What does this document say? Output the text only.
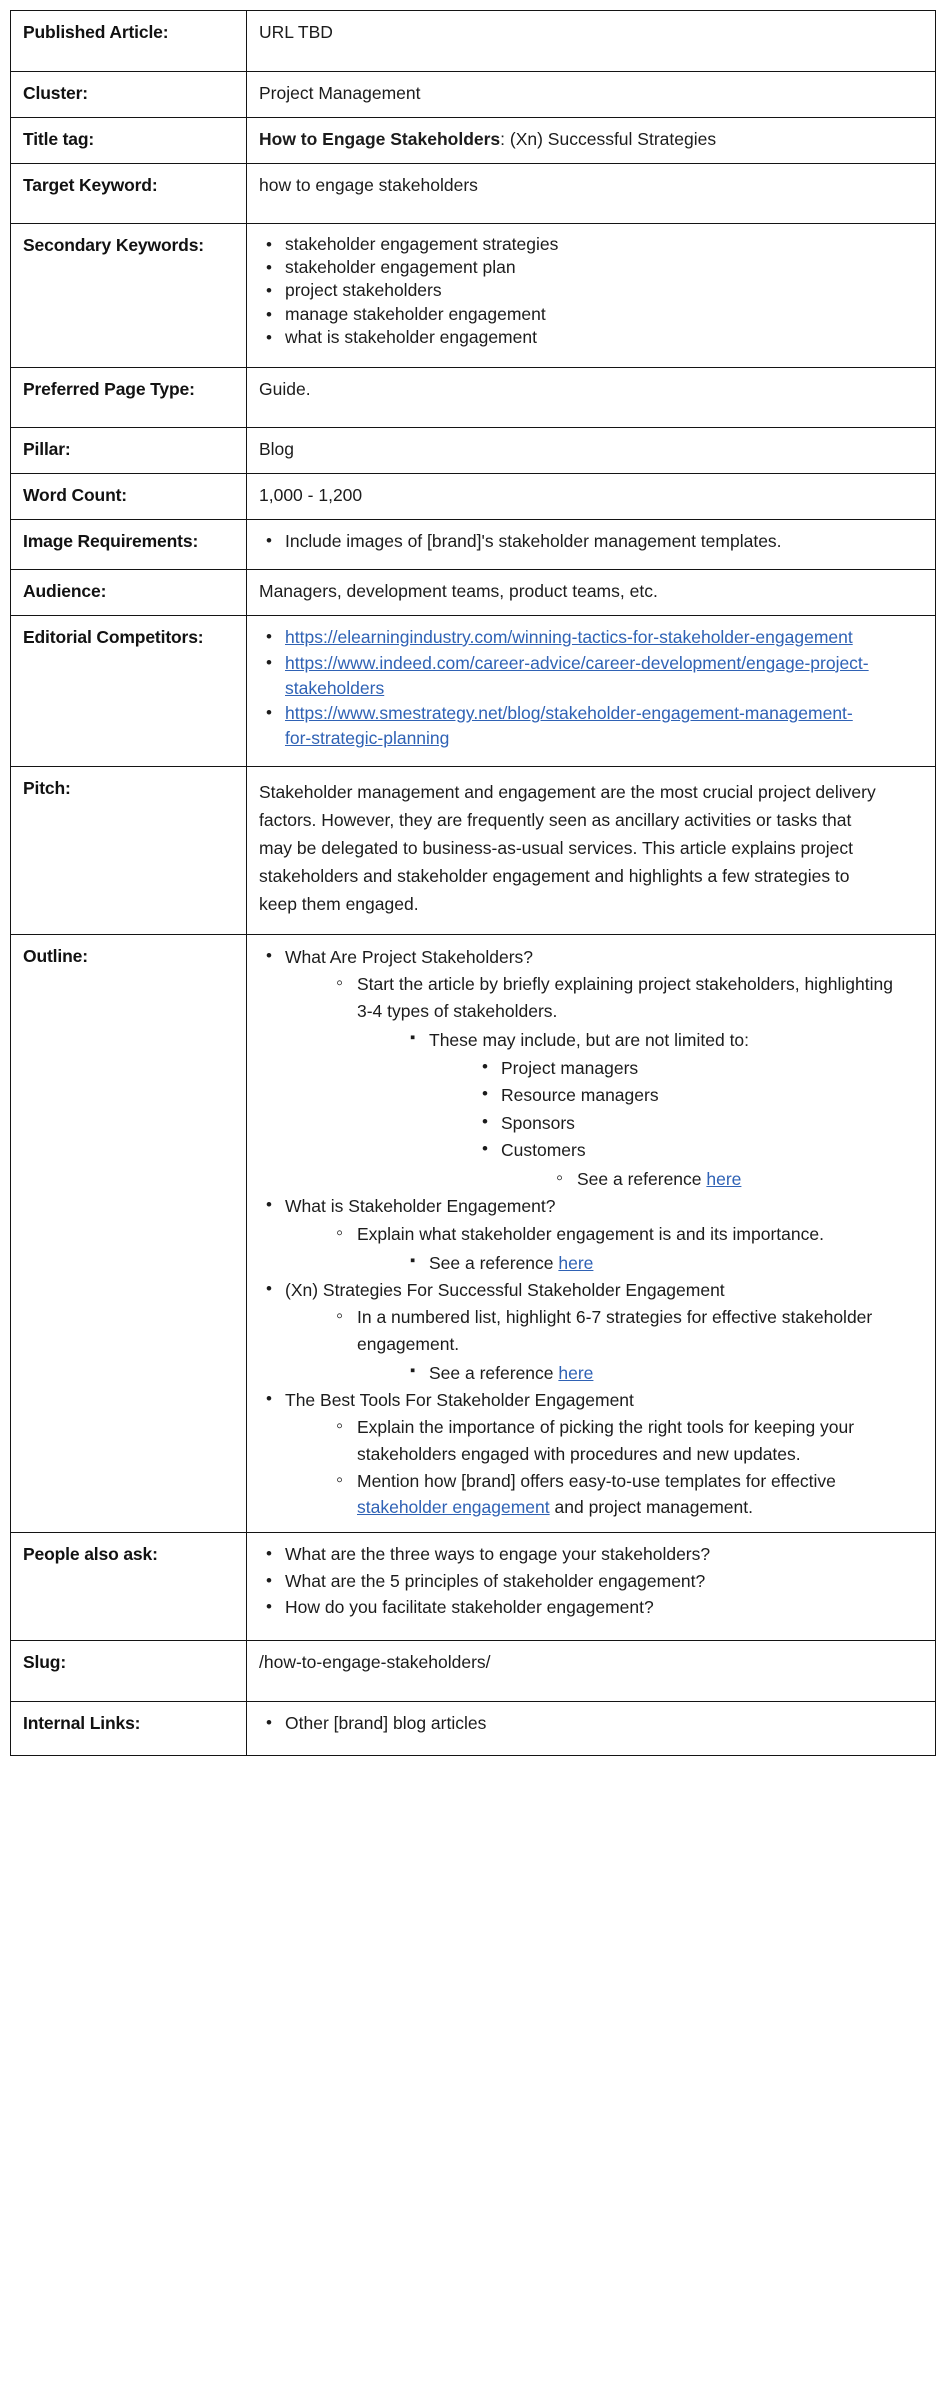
Published Article:	URL TBD
Cluster:	Project Management
Title tag:	How to Engage Stakeholders: (Xn) Successful Strategies
Target Keyword:	how to engage stakeholders
Secondary Keywords:	
•stakeholder engagement strategies
• stakeholder engagement plan
• project stakeholders
• manage stakeholder engagement
• what is stakeholder engagement

Preferred Page Type:	Guide.
Pillar:	Blog
Word Count:	1,000 - 1,200
Image Requirements:	
•Include images of [brand]'s stakeholder management templates.

Audience:	Managers, development teams, product teams, etc.
Editorial Competitors:	
•https://elearningindustry.com/winning-tactics-for-stakeholder-engagement
• https://www.indeed.com/career-advice/career-development/engage-project-stakeholders
• https://www.smestrategy.net/blog/stakeholder-engagement-management-for-strategic-planning

Pitch:	Stakeholder management and engagement are the most crucial project delivery factors. However, they are frequently seen as ancillary activities or tasks that may be delegated to business-as-usual services. This article explains project stakeholders and stakeholder engagement and highlights a few strategies to keep them engaged.
Outline:	

•What Are Project Stakeholders?

◦ Start the article by briefly explaining project stakeholders, highlighting 3-4 types of stakeholders.

▪ These may include, but are not limited to:

• Project managers
• Resource managers
• Sponsors

• Customers

◦ See a reference here

• What is Stakeholder Engagement?

◦ Explain what stakeholder engagement is and its importance.

▪ See a reference here

• (Xn) Strategies For Successful Stakeholder Engagement

◦ In a numbered list, highlight 6-7 strategies for effective stakeholder engagement.

▪ See a reference here

• The Best Tools For Stakeholder Engagement

◦ Explain the importance of picking the right tools for keeping your stakeholders engaged with procedures and new updates.
◦ Mention how [brand] offers easy-to-use templates for effective stakeholder engagement and project management.

People also ask:	
•What are the three ways to engage your stakeholders?
• What are the 5 principles of stakeholder engagement?
• How do you facilitate stakeholder engagement?

Slug:	/how-to-engage-stakeholders/
Internal Links:	
•Other [brand] blog articles
